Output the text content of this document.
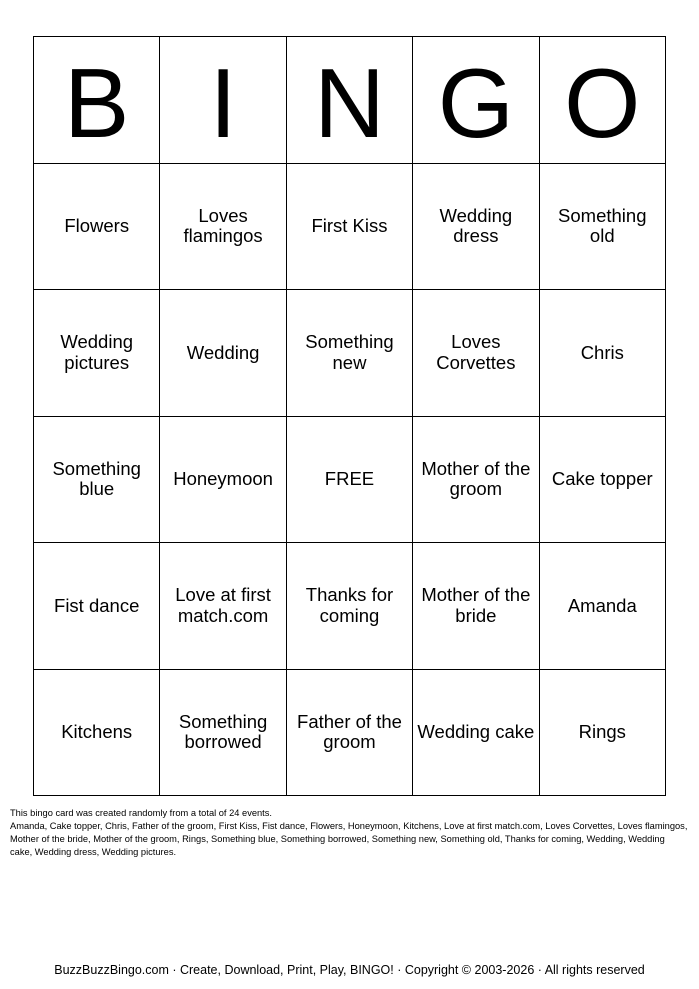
B	I	N	G	O
Flowers	Loves flamingos	First Kiss	Wedding dress	Something old
Wedding pictures	Wedding	Something new	Loves Corvettes	Chris
Something blue	Honeymoon	FREE	Mother of the groom	Cake topper
Fist dance	Love at first match.com	Thanks for coming	Mother of the bride	Amanda
Kitchens	Something borrowed	Father of the groom	Wedding cake	Rings

This bingo card was created randomly from a total of 24 events.

Amanda, Cake topper, Chris, Father of the groom, First Kiss, Fist dance, Flowers, Honeymoon, Kitchens, Love at first match.com, Loves Corvettes, Loves flamingos, Mother of the bride, Mother of the groom, Rings, Something blue, Something borrowed, Something new, Something old, Thanks for coming, Wedding, Wedding cake, Wedding dress, Wedding pictures.

BuzzBuzzBingo.com · Create, Download, Print, Play, BINGO! · Copyright © 2003-2026 · All rights reserved
